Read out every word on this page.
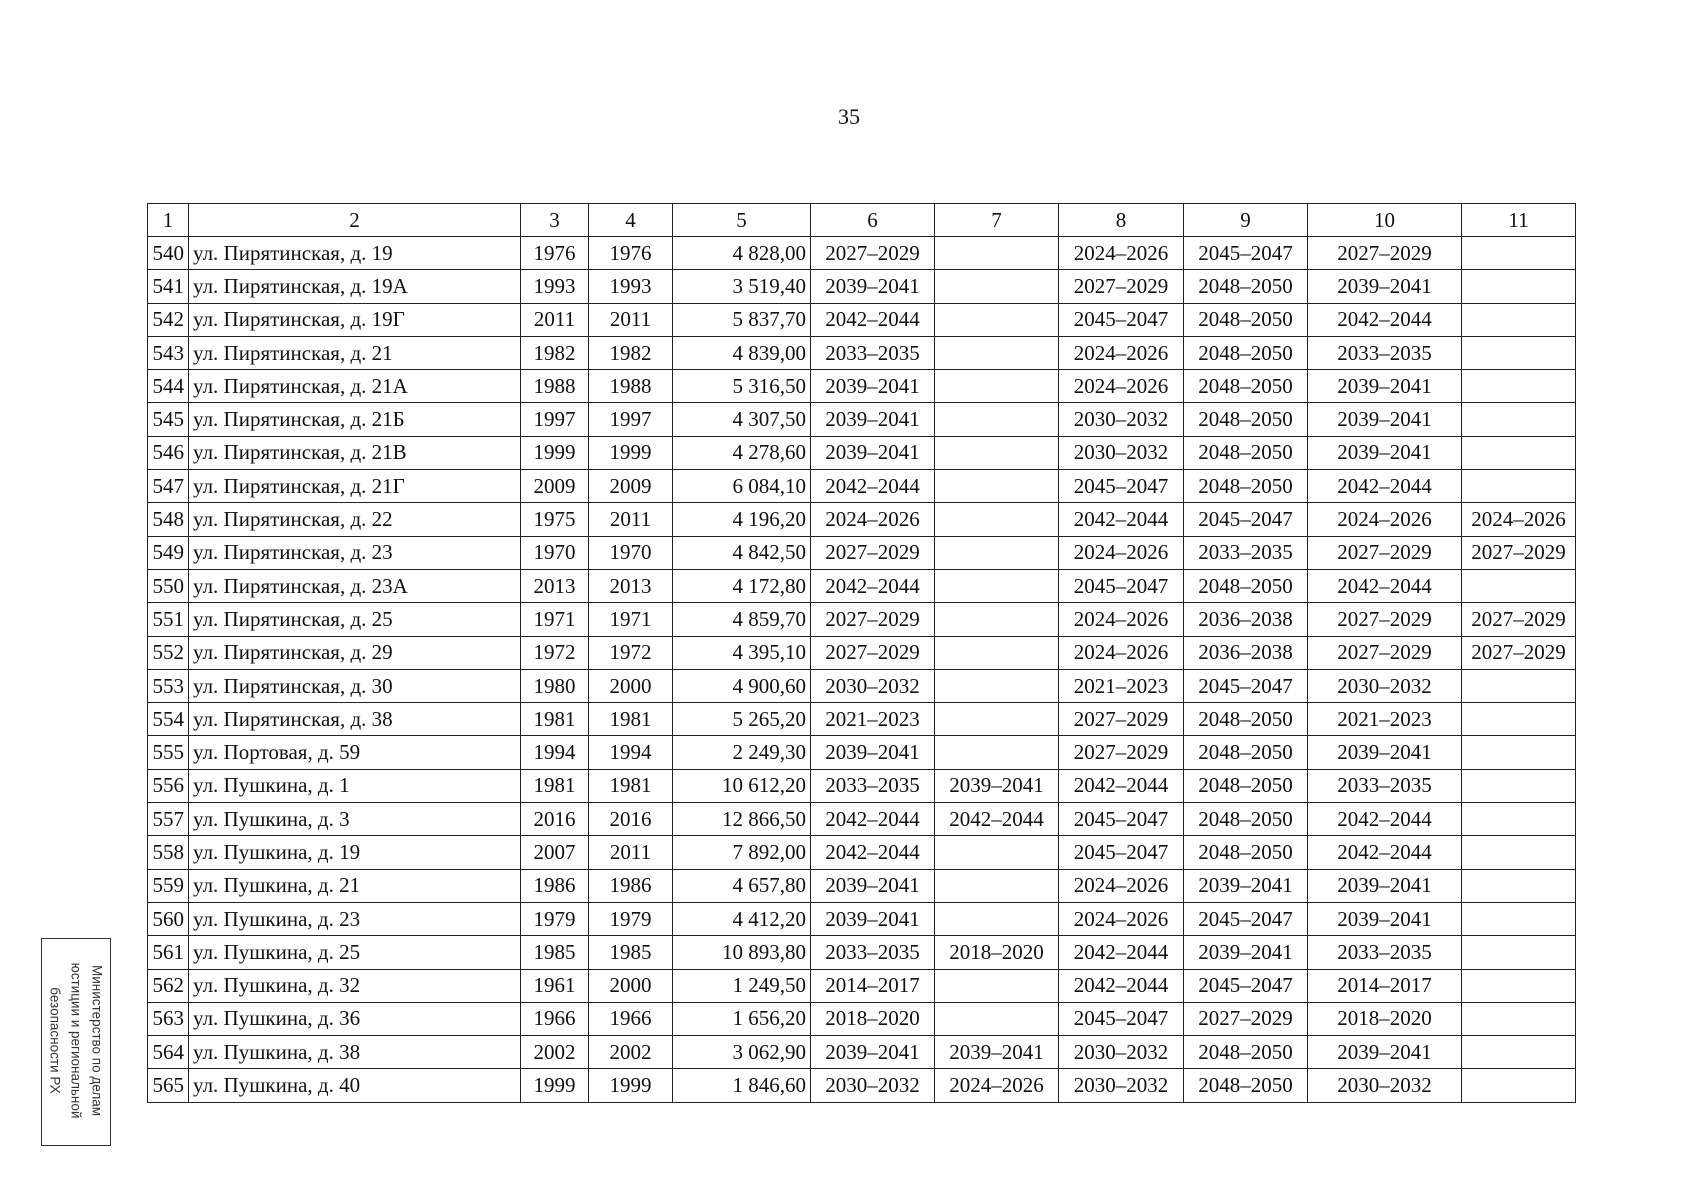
35
1	2	3	4	5	6	7	8	9	10	11
540	ул. Пирятинская, д. 19	1976	1976	4 828,00	2027–2029		2024–2026	2045–2047	2027–2029	
541	ул. Пирятинская, д. 19А	1993	1993	3 519,40	2039–2041		2027–2029	2048–2050	2039–2041	
542	ул. Пирятинская, д. 19Г	2011	2011	5 837,70	2042–2044		2045–2047	2048–2050	2042–2044	
543	ул. Пирятинская, д. 21	1982	1982	4 839,00	2033–2035		2024–2026	2048–2050	2033–2035	
544	ул. Пирятинская, д. 21А	1988	1988	5 316,50	2039–2041		2024–2026	2048–2050	2039–2041	
545	ул. Пирятинская, д. 21Б	1997	1997	4 307,50	2039–2041		2030–2032	2048–2050	2039–2041	
546	ул. Пирятинская, д. 21В	1999	1999	4 278,60	2039–2041		2030–2032	2048–2050	2039–2041	
547	ул. Пирятинская, д. 21Г	2009	2009	6 084,10	2042–2044		2045–2047	2048–2050	2042–2044	
548	ул. Пирятинская, д. 22	1975	2011	4 196,20	2024–2026		2042–2044	2045–2047	2024–2026	2024–2026
549	ул. Пирятинская, д. 23	1970	1970	4 842,50	2027–2029		2024–2026	2033–2035	2027–2029	2027–2029
550	ул. Пирятинская, д. 23А	2013	2013	4 172,80	2042–2044		2045–2047	2048–2050	2042–2044	
551	ул. Пирятинская, д. 25	1971	1971	4 859,70	2027–2029		2024–2026	2036–2038	2027–2029	2027–2029
552	ул. Пирятинская, д. 29	1972	1972	4 395,10	2027–2029		2024–2026	2036–2038	2027–2029	2027–2029
553	ул. Пирятинская, д. 30	1980	2000	4 900,60	2030–2032		2021–2023	2045–2047	2030–2032	
554	ул. Пирятинская, д. 38	1981	1981	5 265,20	2021–2023		2027–2029	2048–2050	2021–2023	
555	ул. Портовая, д. 59	1994	1994	2 249,30	2039–2041		2027–2029	2048–2050	2039–2041	
556	ул. Пушкина, д. 1	1981	1981	10 612,20	2033–2035	2039–2041	2042–2044	2048–2050	2033–2035	
557	ул. Пушкина, д. 3	2016	2016	12 866,50	2042–2044	2042–2044	2045–2047	2048–2050	2042–2044	
558	ул. Пушкина, д. 19	2007	2011	7 892,00	2042–2044		2045–2047	2048–2050	2042–2044	
559	ул. Пушкина, д. 21	1986	1986	4 657,80	2039–2041		2024–2026	2039–2041	2039–2041	
560	ул. Пушкина, д. 23	1979	1979	4 412,20	2039–2041		2024–2026	2045–2047	2039–2041	
561	ул. Пушкина, д. 25	1985	1985	10 893,80	2033–2035	2018–2020	2042–2044	2039–2041	2033–2035	
562	ул. Пушкина, д. 32	1961	2000	1 249,50	2014–2017		2042–2044	2045–2047	2014–2017	
563	ул. Пушкина, д. 36	1966	1966	1 656,20	2018–2020		2045–2047	2027–2029	2018–2020	
564	ул. Пушкина, д. 38	2002	2002	3 062,90	2039–2041	2039–2041	2030–2032	2048–2050	2039–2041	
565	ул. Пушкина, д. 40	1999	1999	1 846,60	2030–2032	2024–2026	2030–2032	2048–2050	2030–2032	
Министерство по делам
юстиции и региональной
безопасности РХ
